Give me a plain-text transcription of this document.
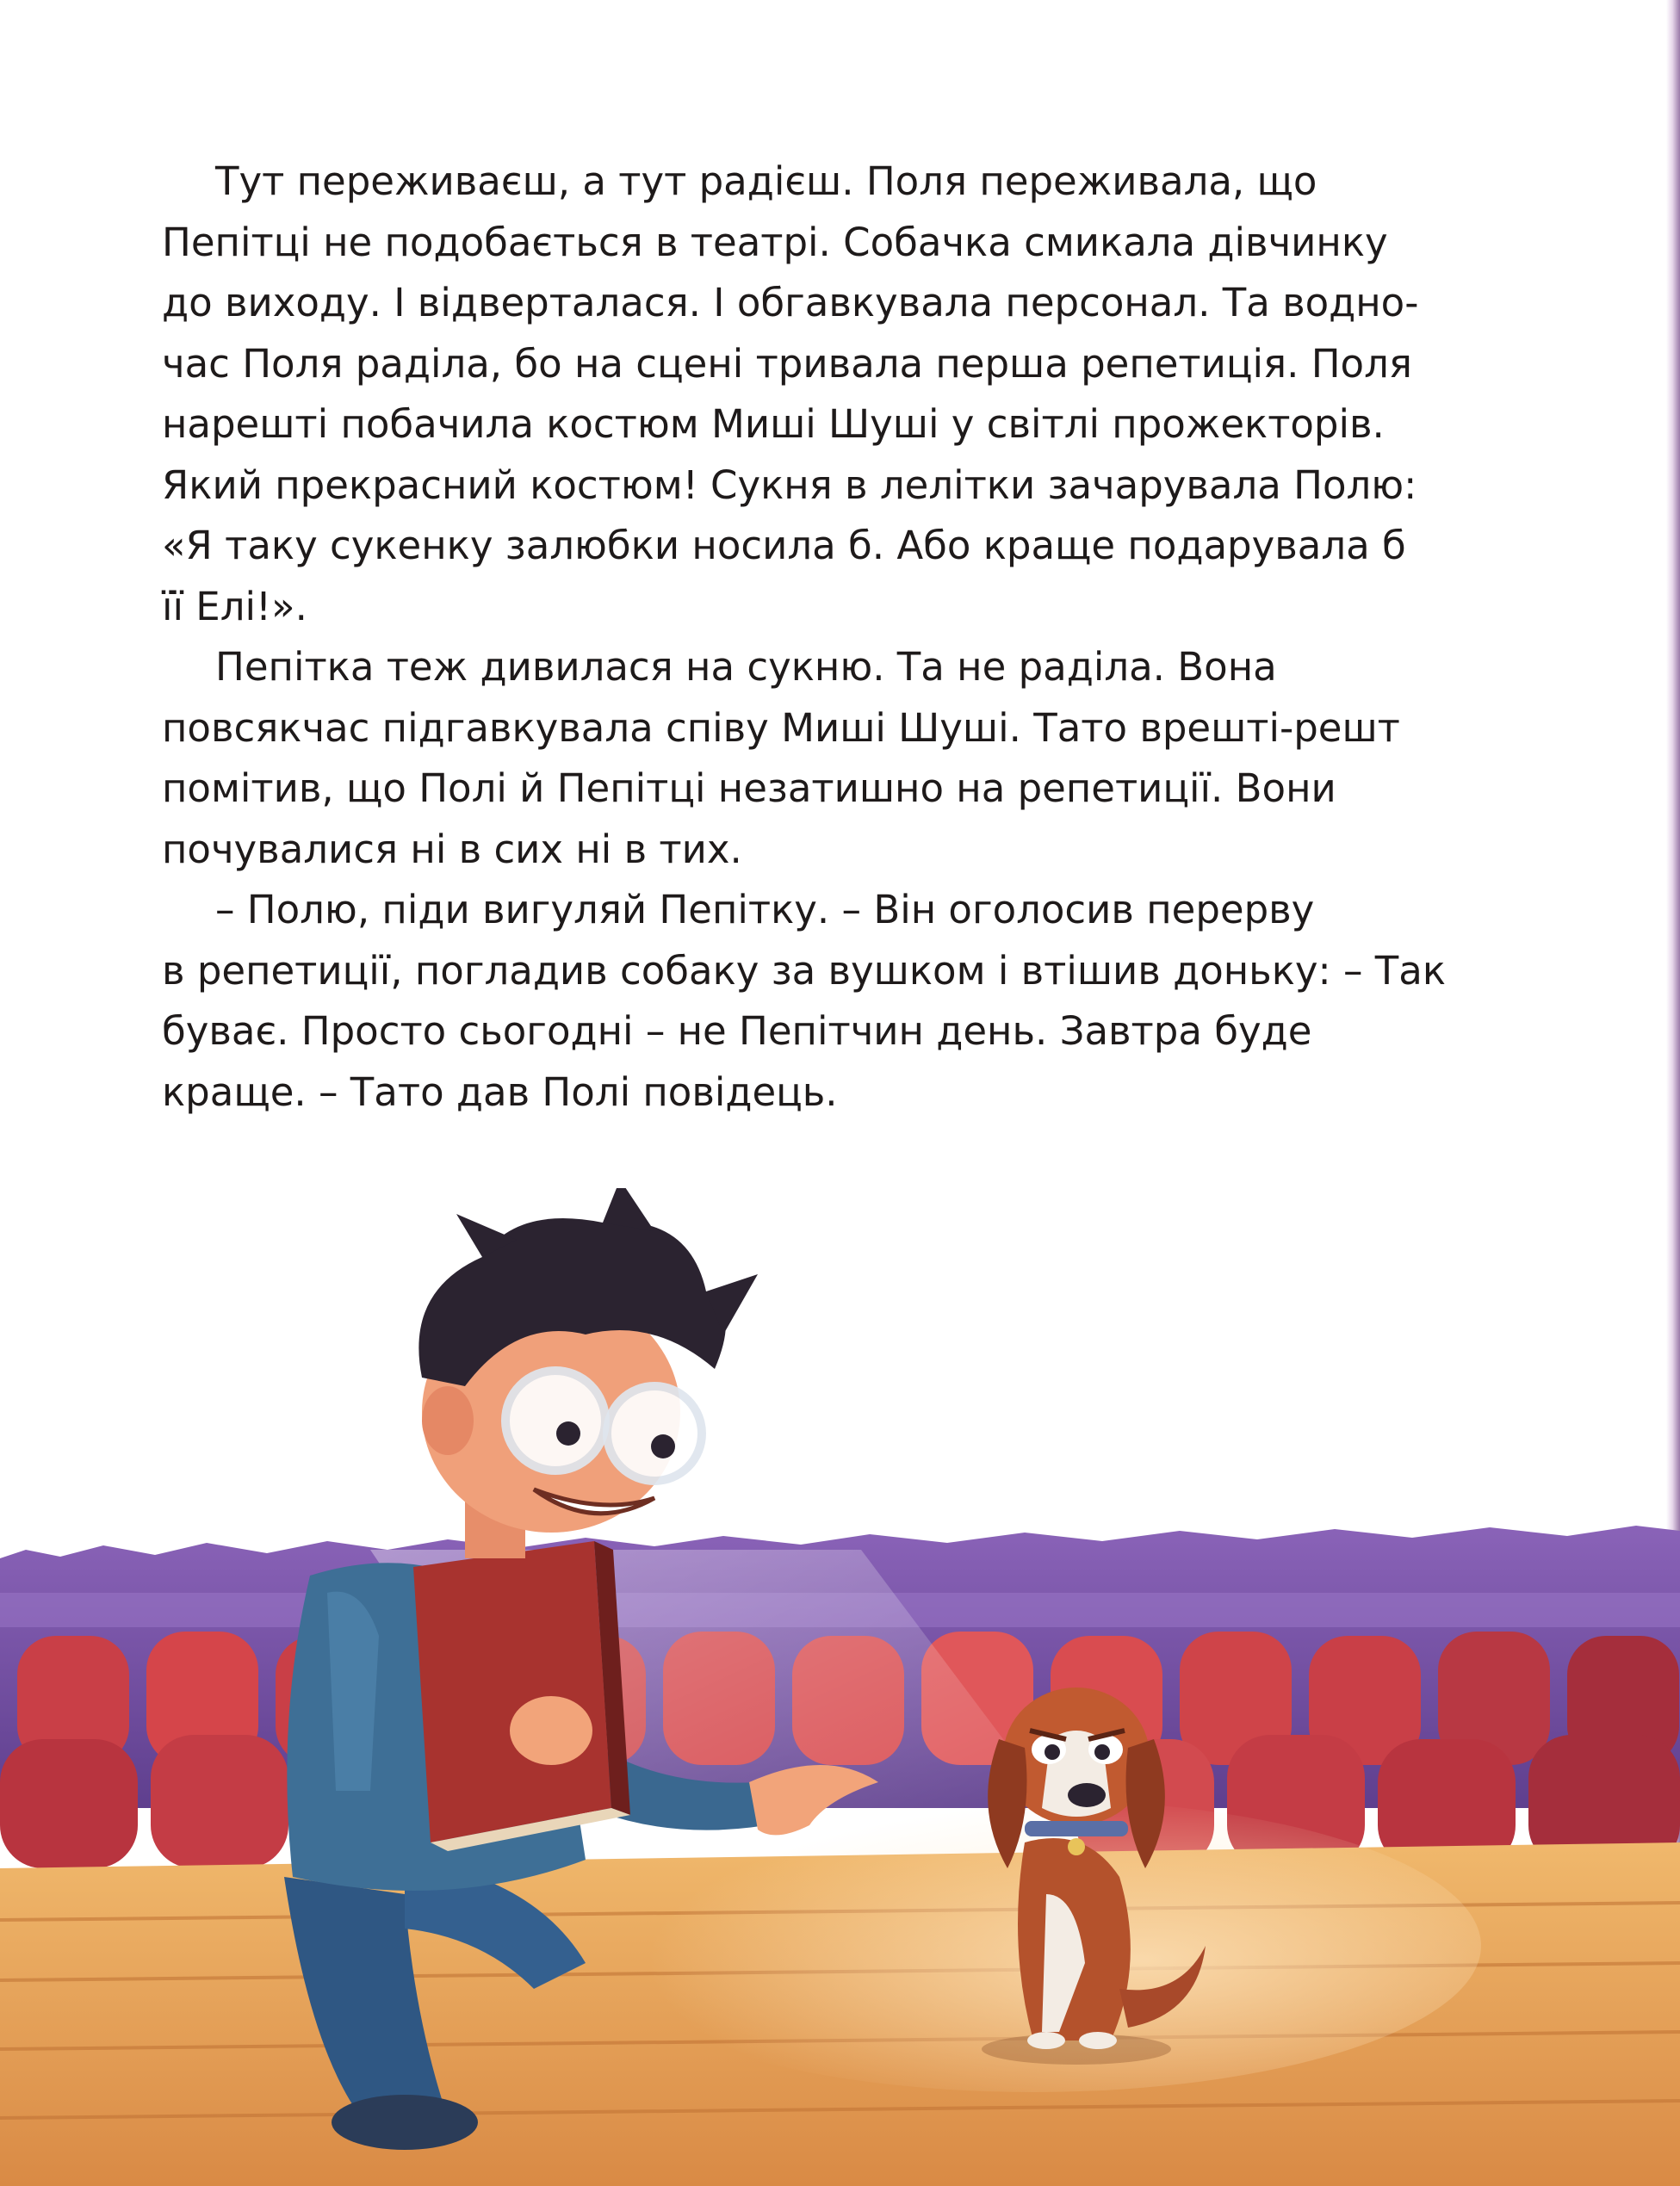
Тут переживаєш, а тут радієш. Поля переживала, що
Пепітці не подобається в театрі. Собачка смикала дівчинку
до виходу. І відверталася. І обгавкувала персонал. Та водно-
час Поля раділа, бо на сцені тривала перша репетиція. Поля
нарешті побачила костюм Миші Шуші у світлі прожекторів.
Який прекрасний костюм! Сукня в лелітки зачарувала Полю:
«Я таку сукенку залюбки носила б. Або краще подарувала б
її Елі!».
Пепітка теж дивилася на сукню. Та не раділа. Вона
повсякчас підгавкувала співу Миші Шуші. Тато врешті-решт
помітив, що Полі й Пепітці незатишно на репетиції. Вони
почувалися ні в сих ні в тих.
– Полю, піди вигуляй Пепітку. – Він оголосив перерву
в репетиції, погладив собаку за вушком і втішив доньку: – Так
буває. Просто сьогодні – не Пепітчин день. Завтра буде
краще. – Тато дав Полі повідець.
